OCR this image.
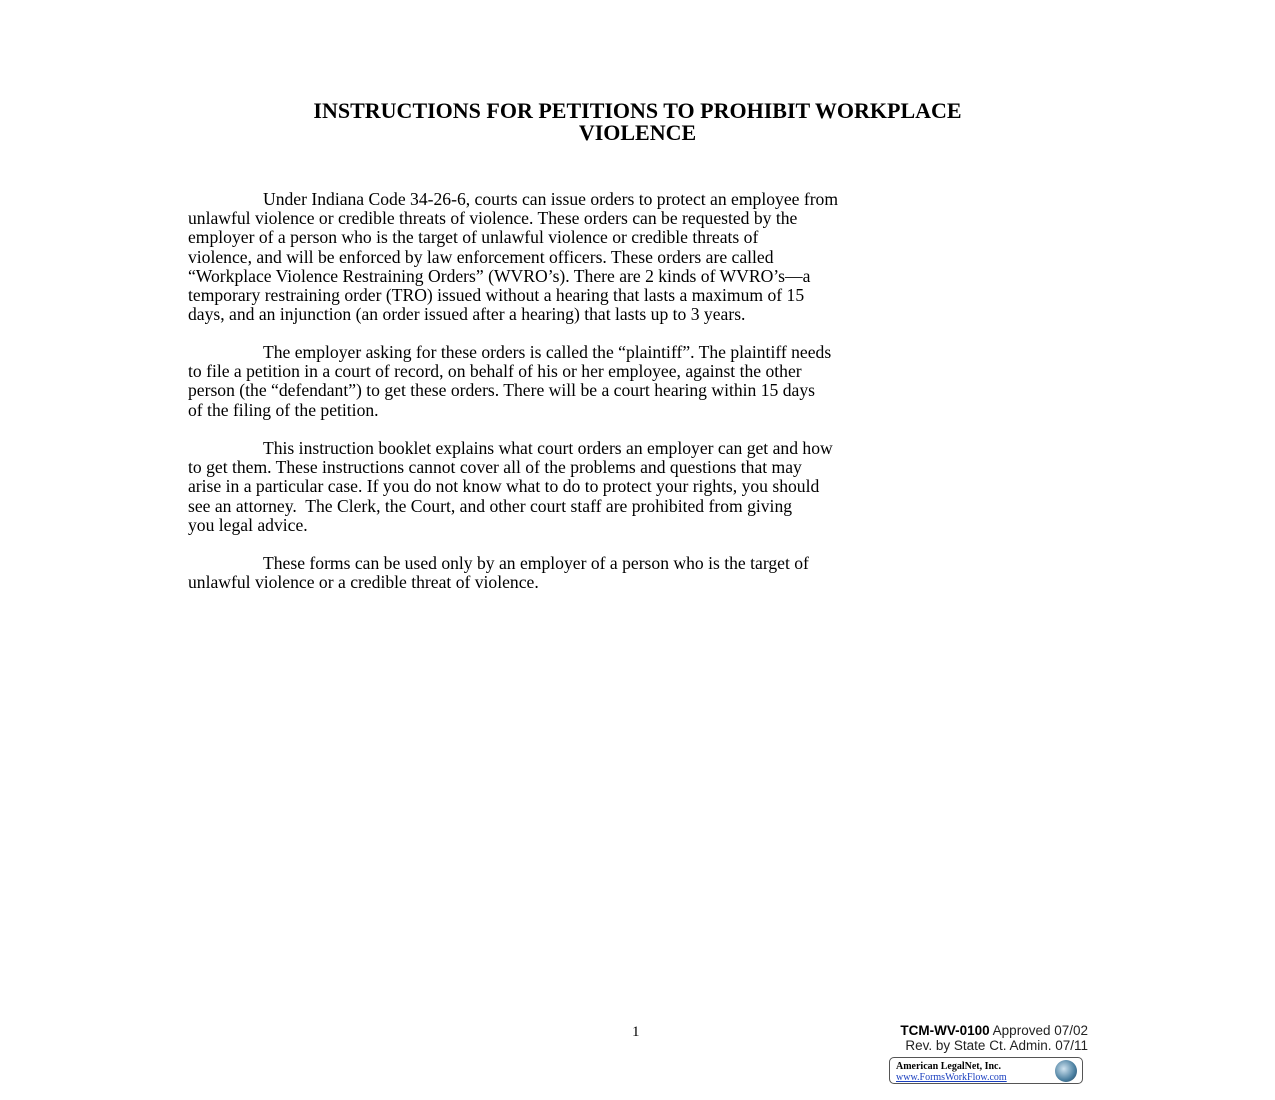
INSTRUCTIONS FOR PETITIONS TO PROHIBIT WORKPLACE
VIOLENCE
Under Indiana Code 34-26-6, courts can issue orders to protect an employee from
unlawful violence or credible threats of violence. These orders can be requested by the
employer of a person who is the target of unlawful violence or credible threats of
violence, and will be enforced by law enforcement officers. These orders are called
“Workplace Violence Restraining Orders” (WVRO’s). There are 2 kinds of WVRO’s—a
temporary restraining order (TRO) issued without a hearing that lasts a maximum of 15
days, and an injunction (an order issued after a hearing) that lasts up to 3 years.
The employer asking for these orders is called the “plaintiff”. The plaintiff needs
to file a petition in a court of record, on behalf of his or her employee, against the other
person (the “defendant”) to get these orders. There will be a court hearing within 15 days
of the filing of the petition.
This instruction booklet explains what court orders an employer can get and how
to get them. These instructions cannot cover all of the problems and questions that may
arise in a particular case. If you do not know what to do to protect your rights, you should
see an attorney.  The Clerk, the Court, and other court staff are prohibited from giving
you legal advice.
These forms can be used only by an employer of a person who is the target of
unlawful violence or a credible threat of violence.
1	TCM-WV-0100 Approved 07/02
Rev. by State Ct. Admin. 07/11
American LegalNet, Inc.
www.FormsWorkFlow.com
